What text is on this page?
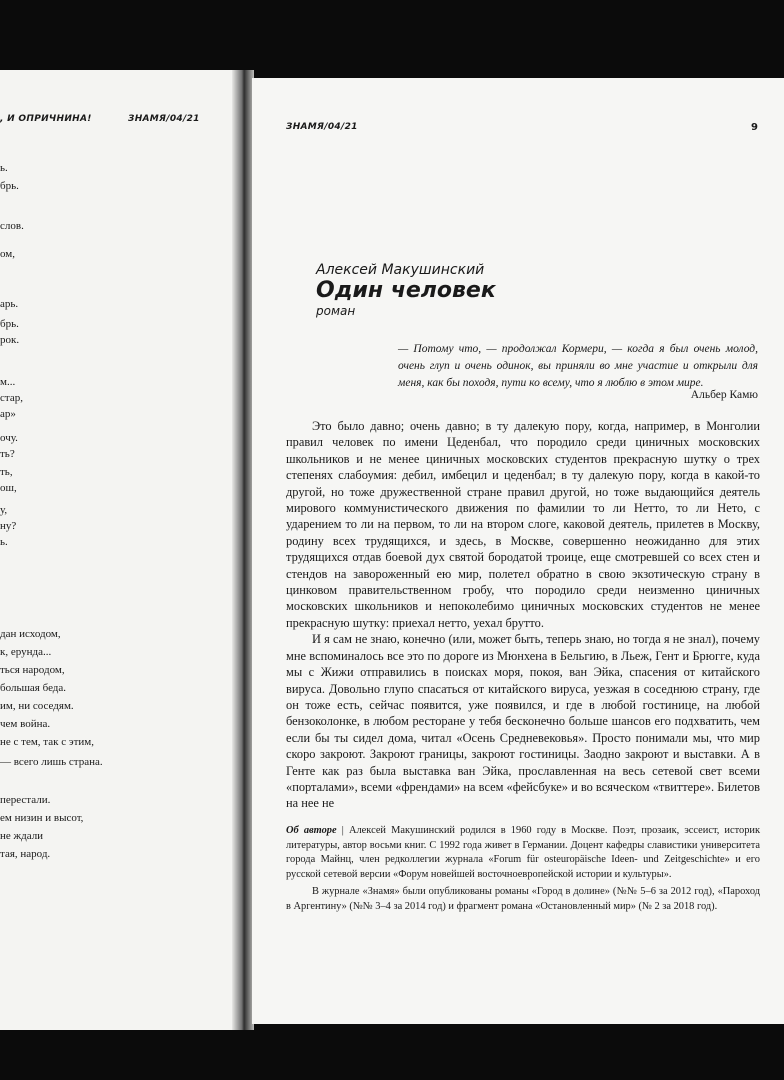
, И ОПРИЧНИНА!	ЗНАМЯ/04/21
ь.
брь.
слов.
ом,
арь.
брь.
рок.
м...
стар,
ар»
очу.
ть?
ть,
ош,
у,
ну?
ь.
дан исходом,
к, ерунда...
ться народом,
большая беда.
им, ни соседям.
чем война.
не с тем, так с этим,
— всего лишь страна.
перестали.
ем низин и высот,
не ждали
тая, народ.
ЗНАМЯ/04/21	9
Алексей Макушинский
Один человек
роман
— Потому что, — продолжал Кормери, — когда я был очень молод, очень глуп и очень одинок, вы приняли во мне участие и открыли для меня, как бы походя, пути ко всему, что я люблю в этом мире.
Альбер Камю

Это было давно; очень давно; в ту далекую пору, когда, например, в Монголии правил человек по имени Цеденбал, что породило среди циничных московских школьников и не менее циничных московских студентов прекрасную шутку о трех степенях слабоумия: дебил, имбецил и цеденбал; в ту далекую пору, когда в какой-то другой, но тоже дружественной стране правил другой, но тоже выдающийся деятель мирового коммунистического движения по фамилии то ли Нетто, то ли Нето, с ударением то ли на первом, то ли на втором слоге, каковой деятель, прилетев в Москву, родину всех трудящихся, и здесь, в Москве, совершенно неожиданно для этих трудящихся отдав боевой дух святой бородатой троице, еще смотревшей со всех стен и стендов на завороженный ею мир, полетел обратно в свою экзотическую страну в цинковом правительственном гробу, что породило среди неизменно циничных московских школьников и непоколебимо циничных московских студентов не менее прекрасную шутку: приехал нетто, уехал брутто.

И я сам не знаю, конечно (или, может быть, теперь знаю, но тогда я не знал), почему мне вспоминалось все это по дороге из Мюнхена в Бельгию, в Льеж, Гент и Брюгге, куда мы с Жижи отправились в поисках моря, покоя, ван Эйка, спасения от китайского вируса. Довольно глупо спасаться от китайского вируса, уезжая в соседнюю страну, где он тоже есть, сейчас появится, уже появился, и где в любой гостинице, на любой бензоколонке, в любом ресторане у тебя бесконечно больше шансов его подхватить, чем если бы ты сидел дома, читал «Осень Средневековья». Просто понимали мы, что мир скоро закроют. Закроют границы, закроют гостиницы. Заодно закроют и выставки. А в Генте как раз была выставка ван Эйка, прославленная на весь сетевой свет всеми «порталами», всеми «френдами» на всем «фейсбуке» и во всяческом «твиттере». Билетов на нее не

Об авторе | Алексей Макушинский родился в 1960 году в Москве. Поэт, прозаик, эссеист, историк литературы, автор восьми книг. С 1992 года живет в Германии. Доцент кафедры славистики университета города Майнц, член редколлегии журнала «Forum für osteuropäische Ideen- und Zeitgeschichte» и его русской сетевой версии «Форум новейшей восточноевропейской истории и культуры».

В журнале «Знамя» были опубликованы романы «Город в долине» (№№ 5–6 за 2012 год), «Пароход в Аргентину» (№№ 3–4 за 2014 год) и фрагмент романа «Остановленный мир» (№ 2 за 2018 год).
